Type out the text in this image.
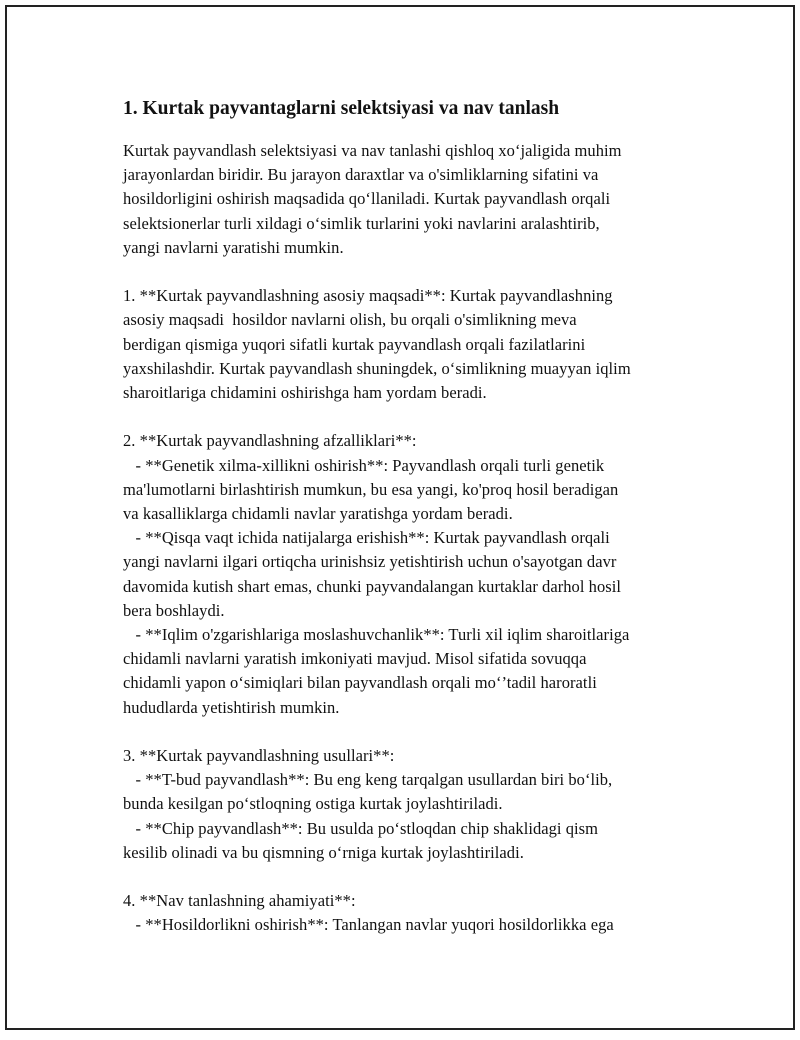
1. Kurtak payvantaglarni selektsiyasi va nav tanlash

Kurtak payvandlash selektsiyasi va nav tanlashi qishloq xo‘jaligida muhim

jarayonlardan biridir. Bu jarayon daraxtlar va o'simliklarning sifatini va

hosildorligini oshirish maqsadida qo‘llaniladi. Kurtak payvandlash orqali

selektsionerlar turli xildagi o‘simlik turlarini yoki navlarini aralashtirib,

yangi navlarni yaratishi mumkin.

1. **Kurtak payvandlashning asosiy maqsadi**: Kurtak payvandlashning

asosiy maqsadi  hosildor navlarni olish, bu orqali o'simlikning meva

berdigan qismiga yuqori sifatli kurtak payvandlash orqali fazilatlarini

yaxshilashdir. Kurtak payvandlash shuningdek, o‘simlikning muayyan iqlim

sharoitlariga chidamini oshirishga ham yordam beradi.

2. **Kurtak payvandlashning afzalliklari**:

- **Genetik xilma-xillikni oshirish**: Payvandlash orqali turli genetik

ma'lumotlarni birlashtirish mumkun, bu esa yangi, ko'proq hosil beradigan

va kasalliklarga chidamli navlar yaratishga yordam beradi.

- **Qisqa vaqt ichida natijalarga erishish**: Kurtak payvandlash orqali

yangi navlarni ilgari ortiqcha urinishsiz yetishtirish uchun o'sayotgan davr

davomida kutish shart emas, chunki payvandalangan kurtaklar darhol hosil

bera boshlaydi.

- **Iqlim o'zgarishlariga moslashuvchanlik**: Turli xil iqlim sharoitlariga

chidamli navlarni yaratish imkoniyati mavjud. Misol sifatida sovuqqa

chidamli yapon o‘simiqlari bilan payvandlash orqali mo‘’tadil haroratli

hududlarda yetishtirish mumkin.

3. **Kurtak payvandlashning usullari**:

- **T-bud payvandlash**: Bu eng keng tarqalgan usullardan biri bo‘lib,

bunda kesilgan po‘stloqning ostiga kurtak joylashtiriladi.

- **Chip payvandlash**: Bu usulda po‘stloqdan chip shaklidagi qism

kesilib olinadi va bu qismning o‘rniga kurtak joylashtiriladi.

4. **Nav tanlashning ahamiyati**:

- **Hosildorlikni oshirish**: Tanlangan navlar yuqori hosildorlikka ega
